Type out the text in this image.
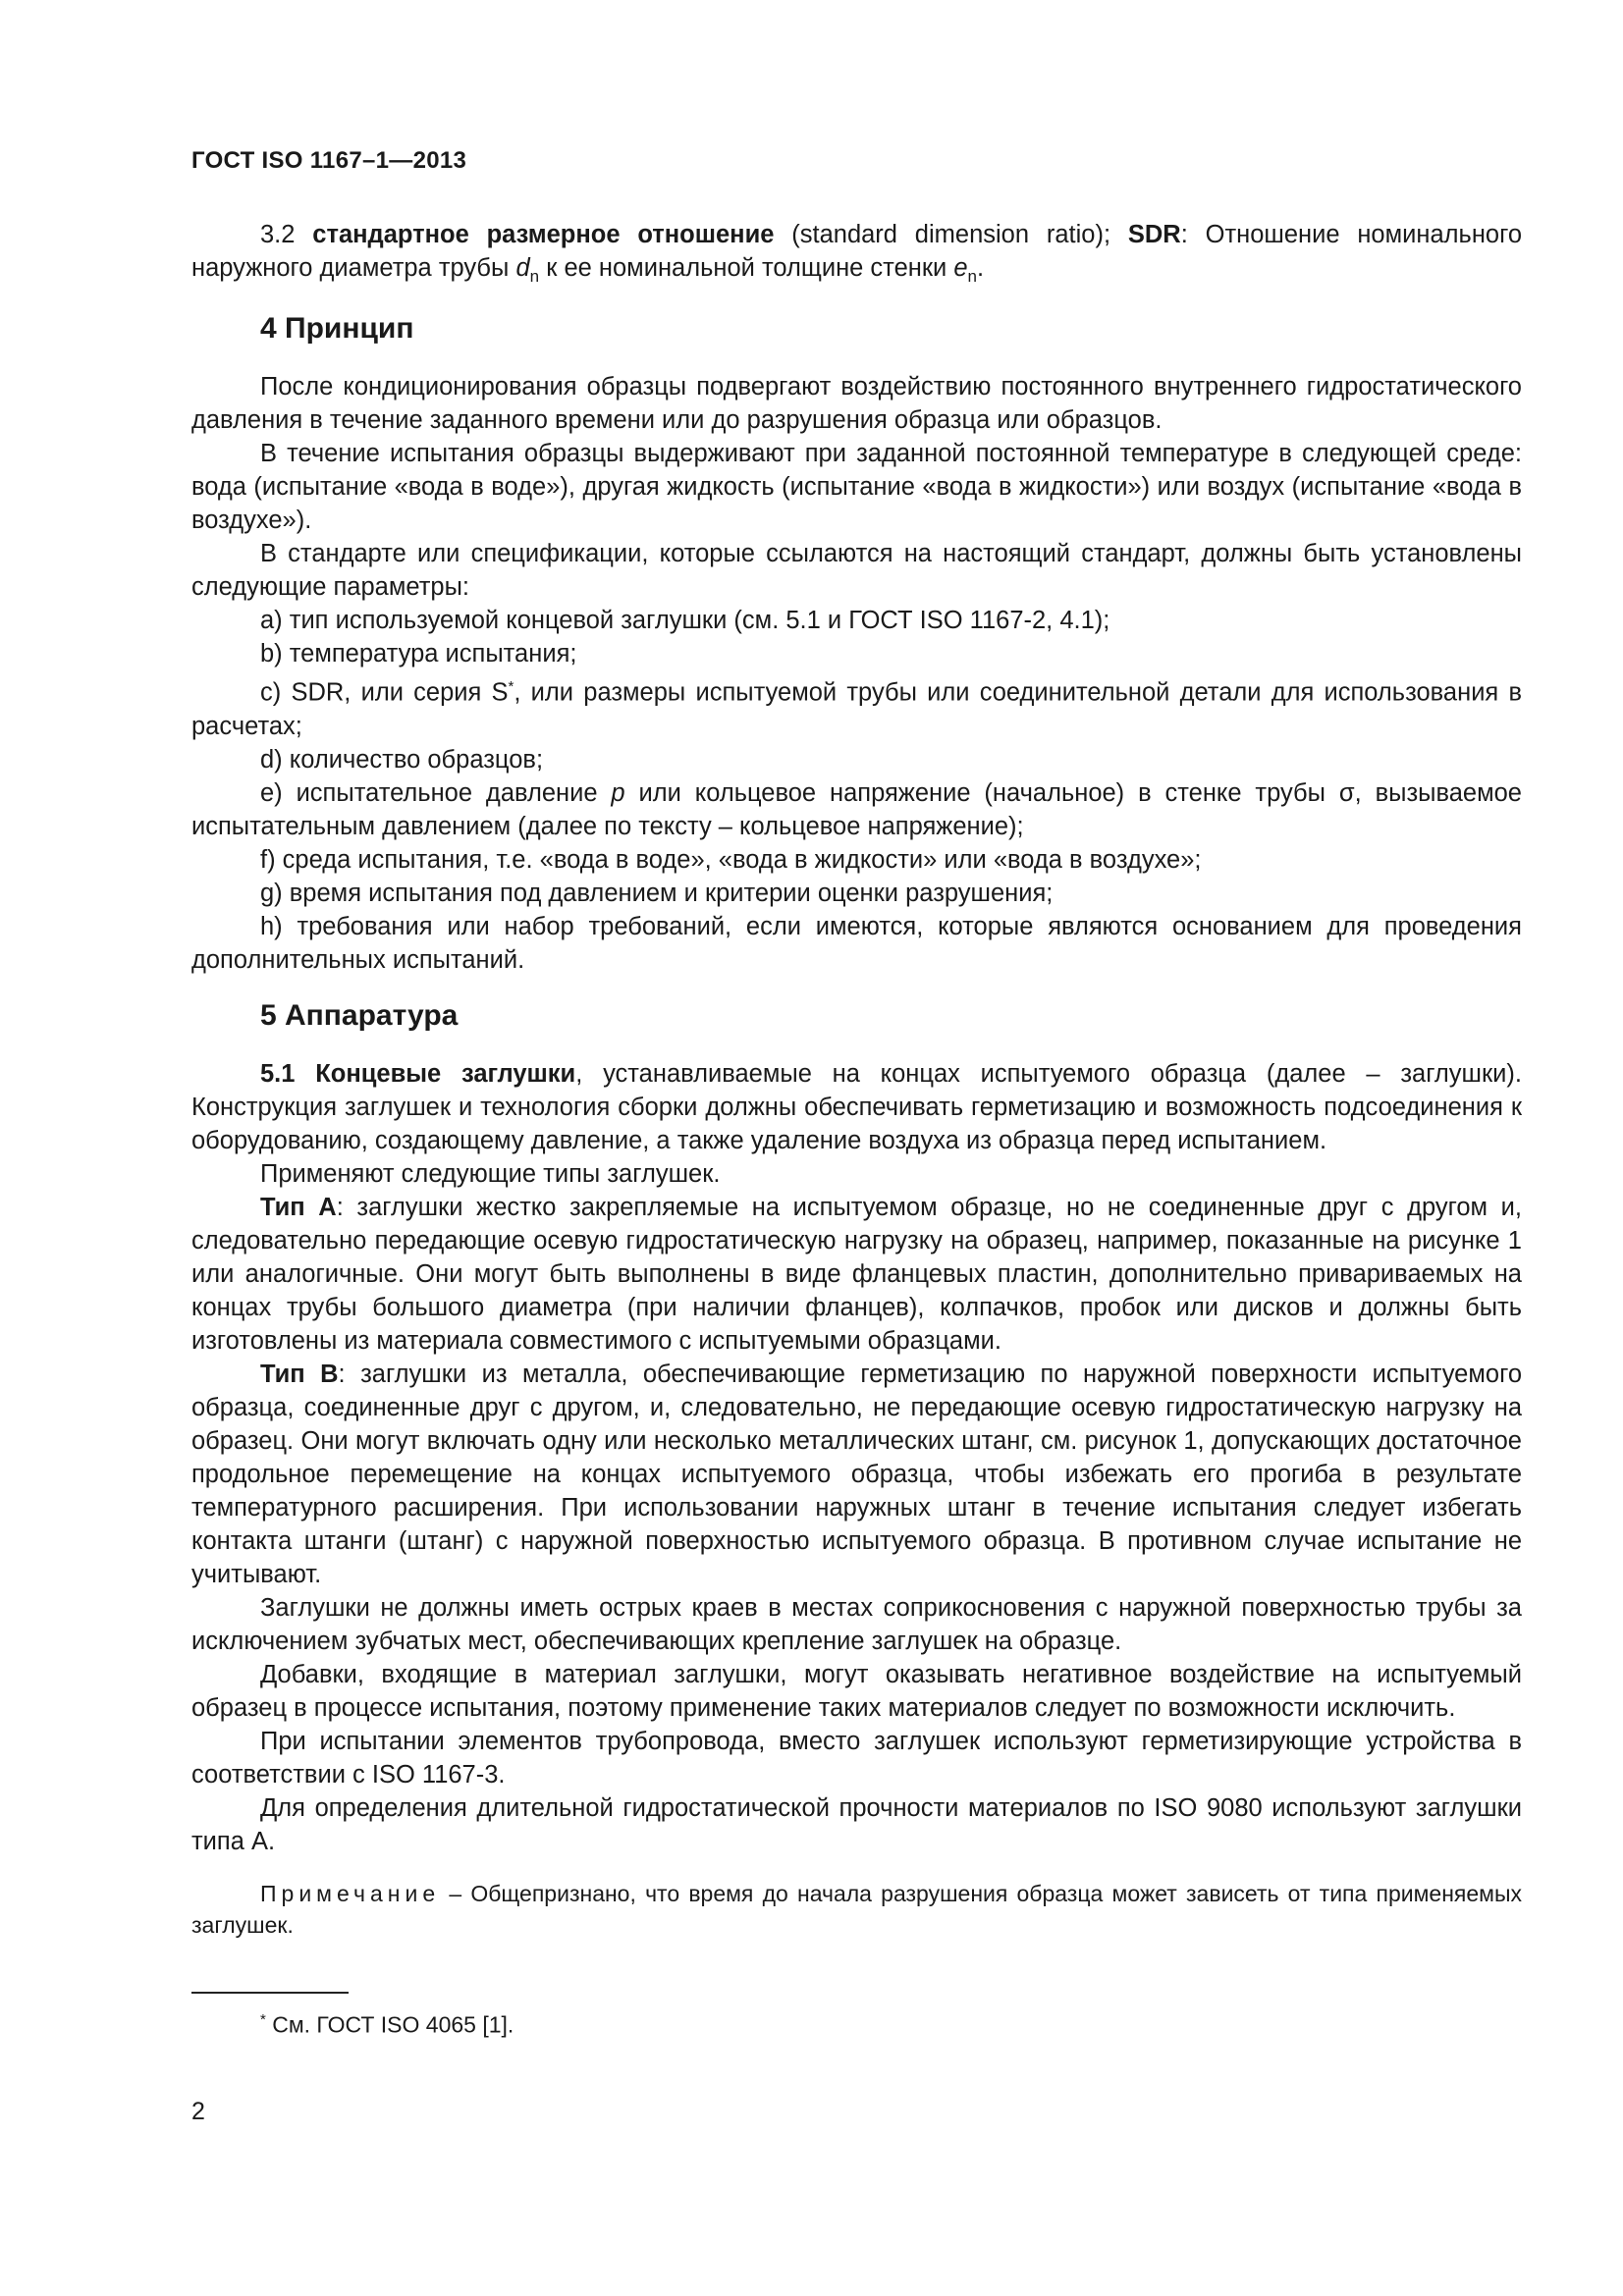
ГОСТ ISO 1167–1—2013

3.2 стандартное размерное отношение (standard dimension ratio); SDR: Отношение номинального наружного диаметра трубы $d_n$ к ее номинальной толщине стенки $e_n$.

4 Принцип

После кондиционирования образцы подвергают воздействию постоянного внутреннего гидростатического давления в течение заданного времени или до разрушения образца или образцов.

В течение испытания образцы выдерживают при заданной постоянной температуре в следующей среде: вода (испытание «вода в воде»), другая жидкость (испытание «вода в жидкости») или воздух (испытание «вода в воздухе»).

В стандарте или спецификации, которые ссылаются на настоящий стандарт, должны быть установлены следующие параметры:

a) тип используемой концевой заглушки (см. 5.1 и ГОСТ ISO 1167-2, 4.1);

b) температура испытания;

c) SDR, или серия S*, или размеры испытуемой трубы или соединительной детали для использования в расчетах;

d) количество образцов;

e) испытательное давление p или кольцевое напряжение (начальное) в стенке трубы σ, вызываемое испытательным давлением (далее по тексту – кольцевое напряжение);

f) среда испытания, т.е. «вода в воде», «вода в жидкости» или «вода в воздухе»;

g) время испытания под давлением и критерии оценки разрушения;

h) требования или набор требований, если имеются, которые являются основанием для проведения дополнительных испытаний.

5 Аппаратура

5.1 Концевые заглушки, устанавливаемые на концах испытуемого образца (далее – заглушки). Конструкция заглушек и технология сборки должны обеспечивать герметизацию и возможность подсоединения к оборудованию, создающему давление, а также удаление воздуха из образца перед испытанием.

Применяют следующие типы заглушек.

Тип А: заглушки жестко закрепляемые на испытуемом образце, но не соединенные друг с другом и, следовательно передающие осевую гидростатическую нагрузку на образец, например, показанные на рисунке 1 или аналогичные. Они могут быть выполнены в виде фланцевых пластин, дополнительно привариваемых на концах трубы большого диаметра (при наличии фланцев), колпачков, пробок или дисков и должны быть изготовлены из материала совместимого с испытуемыми образцами.

Тип В: заглушки из металла, обеспечивающие герметизацию по наружной поверхности испытуемого образца, соединенные друг с другом, и, следовательно, не передающие осевую гидростатическую нагрузку на образец. Они могут включать одну или несколько металлических штанг, см. рисунок 1, допускающих достаточное продольное перемещение на концах испытуемого образца, чтобы избежать его прогиба в результате температурного расширения. При использовании наружных штанг в течение испытания следует избегать контакта штанги (штанг) с наружной поверхностью испытуемого образца. В противном случае испытание не учитывают.

Заглушки не должны иметь острых краев в местах соприкосновения с наружной поверхностью трубы за исключением зубчатых мест, обеспечивающих крепление заглушек на образце.

Добавки, входящие в материал заглушки, могут оказывать негативное воздействие на испытуемый образец в процессе испытания, поэтому применение таких материалов следует по возможности исключить.

При испытании элементов трубопровода, вместо заглушек используют герметизирующие устройства в соответствии с ISO 1167-3.

Для определения длительной гидростатической прочности материалов по ISO 9080 используют заглушки типа А.

Примечание – Общепризнано, что время до начала разрушения образца может зависеть от типа применяемых заглушек.

* См. ГОСТ ISO 4065 [1].
2
